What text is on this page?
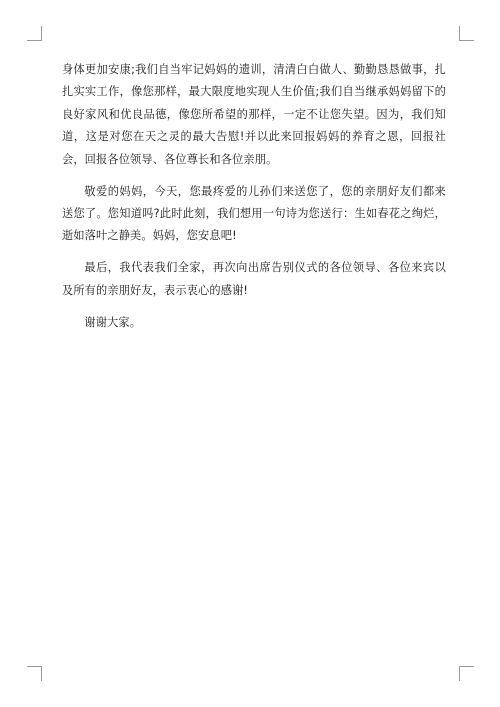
身体更加安康;我们自当牢记妈妈的遗训，清清白白做人、勤勤恳恳做事，扎扎实实工作，像您那样，最大限度地实现人生价值;我们自当继承妈妈留下的良好家风和优良品德，像您所希望的那样，一定不让您失望。因为，我们知道，这是对您在天之灵的最大告慰!并以此来回报妈妈的养育之恩，回报社会，回报各位领导、各位尊长和各位亲朋。

敬爱的妈妈，今天，您最疼爱的儿孙们来送您了，您的亲朋好友们都来送您了。您知道吗?此时此刻，我们想用一句诗为您送行：生如春花之绚烂，逝如落叶之静美。妈妈，您安息吧!

最后，我代表我们全家，再次向出席告别仪式的各位领导、各位来宾以及所有的亲朋好友，表示衷心的感谢!

谢谢大家。
